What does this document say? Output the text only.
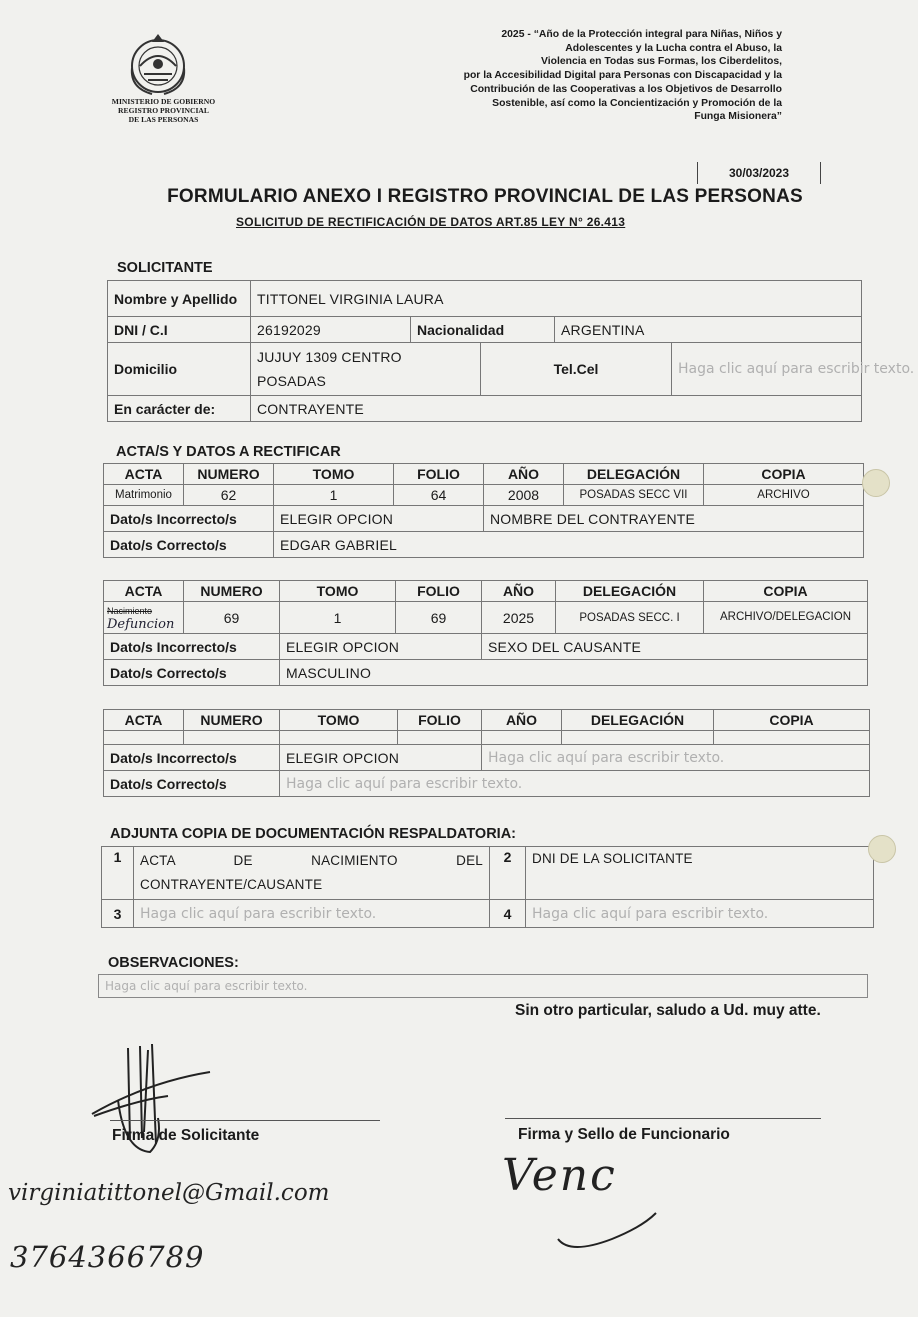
MINISTERIO DE GOBIERNO
REGISTRO PROVINCIAL
DE LAS PERSONAS
2025 - “Año de la Protección integral para Niñas, Niños y
Adolescentes y la Lucha contra el Abuso, la
Violencia en Todas sus Formas, los Ciberdelitos,
por la Accesibilidad Digital para Personas con Discapacidad y la
Contribución de las Cooperativas a los Objetivos de Desarrollo
Sostenible, así como la Concientización y Promoción de la
Funga Misionera”
30/03/2023
FORMULARIO ANEXO I REGISTRO PROVINCIAL DE LAS PERSONAS
SOLICITUD DE RECTIFICACIÓN DE DATOS ART.85 LEY N° 26.413
SOLICITANTE
Nombre y Apellido	TITTONEL VIRGINIA LAURA				
DNI / C.I	26192029	Nacionalidad		ARGENTINA	
Domicilio	JUJUY 1309 CENTRO
POSADAS		Tel.Cel		Haga clic aquí para escribir texto.
En carácter de:	CONTRAYENTE				
ACTA/S Y DATOS A RECTIFICAR
ACTA	NUMERO	TOMO	FOLIO	AÑO	DELEGACIÓN	COPIA
Matrimonio	62	1	64	2008	POSADAS SECC VII	ARCHIVO
Dato/s Incorrecto/s		ELEGIR OPCION		NOMBRE DEL CONTRAYENTE		
Dato/s Correcto/s		EDGAR GABRIEL				
ACTA	NUMERO	TOMO	FOLIO	AÑO	DELEGACIÓN	COPIA

Nacimiento
Defuncion	69	1	69	2025	POSADAS SECC. I	ARCHIVO/DELEGACION
Dato/s Incorrecto/s		ELEGIR OPCION		SEXO DEL CAUSANTE		
Dato/s Correcto/s		MASCULINO				
ACTA	NUMERO	TOMO	FOLIO	AÑO	DELEGACIÓN	COPIA

Dato/s Incorrecto/s		ELEGIR OPCION		Haga clic aquí para escribir texto.		
Dato/s Correcto/s		Haga clic aquí para escribir texto.				
ADJUNTA COPIA DE DOCUMENTACIÓN RESPALDATORIA:
1	ACTA DE NACIMIENTO DEL CONTRAYENTE/CAUSANTE	2	DNI DE LA SOLICITANTE
3	Haga clic aquí para escribir texto.	4	Haga clic aquí para escribir texto.
OBSERVACIONES:
Haga clic aquí para escribir texto.
Sin otro particular, saludo a Ud. muy atte.
Firma de Solicitante	Firma y Sello de Funcionario
Venc
virginiatittonel@Gmail.com
3764366789
